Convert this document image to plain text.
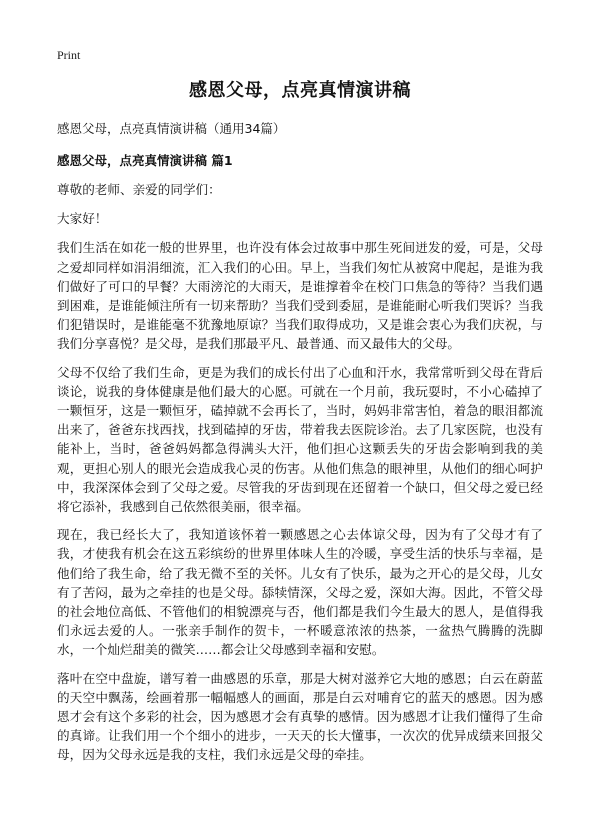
Print
感恩父母，点亮真情演讲稿
感恩父母，点亮真情演讲稿（通用34篇）
感恩父母，点亮真情演讲稿 篇1

尊敬的老师、亲爱的同学们：

大家好！

我们生活在如花一般的世界里，也许没有体会过故事中那生死间迸发的爱，可是，父母之爱却同样如涓涓细流，汇入我们的心田。早上，当我们匆忙从被窝中爬起，是谁为我们做好了可口的早餐？大雨滂沱的大雨天，是谁撑着伞在校门口焦急的等待？当我们遇到困难，是谁能倾注所有一切来帮助？当我们受到委屈，是谁能耐心听我们哭诉？当我们犯错误时，是谁能毫不犹豫地原谅？当我们取得成功，又是谁会衷心为我们庆祝，与我们分享喜悦？是父母，是我们那最平凡、最普通、而又最伟大的父母。

父母不仅给了我们生命，更是为我们的成长付出了心血和汗水，我常常听到父母在背后谈论，说我的身体健康是他们最大的心愿。可就在一个月前，我玩耍时，不小心磕掉了一颗恒牙，这是一颗恒牙，磕掉就不会再长了，当时，妈妈非常害怕，着急的眼泪都流出来了，爸爸东找西找，找到磕掉的牙齿，带着我去医院诊治。去了几家医院，也没有能补上，当时，爸爸妈妈都急得满头大汗，他们担心这颗丢失的牙齿会影响到我的美观，更担心别人的眼光会造成我心灵的伤害。从他们焦急的眼神里，从他们的细心呵护中，我深深体会到了父母之爱。尽管我的牙齿到现在还留着一个缺口，但父母之爱已经将它添补，我感到自己依然很美丽，很幸福。

现在，我已经长大了，我知道该怀着一颗感恩之心去体谅父母，因为有了父母才有了我，才使我有机会在这五彩缤纷的世界里体味人生的冷暖，享受生活的快乐与幸福，是他们给了我生命，给了我无微不至的关怀。儿女有了快乐，最为之开心的是父母，儿女有了苦闷，最为之牵挂的也是父母。舔犊情深，父母之爱，深如大海。因此，不管父母的社会地位高低、不管他们的相貌漂亮与否，他们都是我们今生最大的恩人，是值得我们永远去爱的人。一张亲手制作的贺卡，一杯暖意浓浓的热茶，一盆热气腾腾的洗脚水，一个灿烂甜美的微笑……都会让父母感到幸福和安慰。

落叶在空中盘旋，谱写着一曲感恩的乐章，那是大树对滋养它大地的感恩；白云在蔚蓝的天空中飘荡，绘画着那一幅幅感人的画面，那是白云对哺育它的蓝天的感恩。因为感恩才会有这个多彩的社会，因为感恩才会有真挚的感情。因为感恩才让我们懂得了生命的真谛。让我们用一个个细小的进步，一天天的长大懂事，一次次的优异成绩来回报父母，因为父母永远是我的支柱，我们永远是父母的牵挂。
